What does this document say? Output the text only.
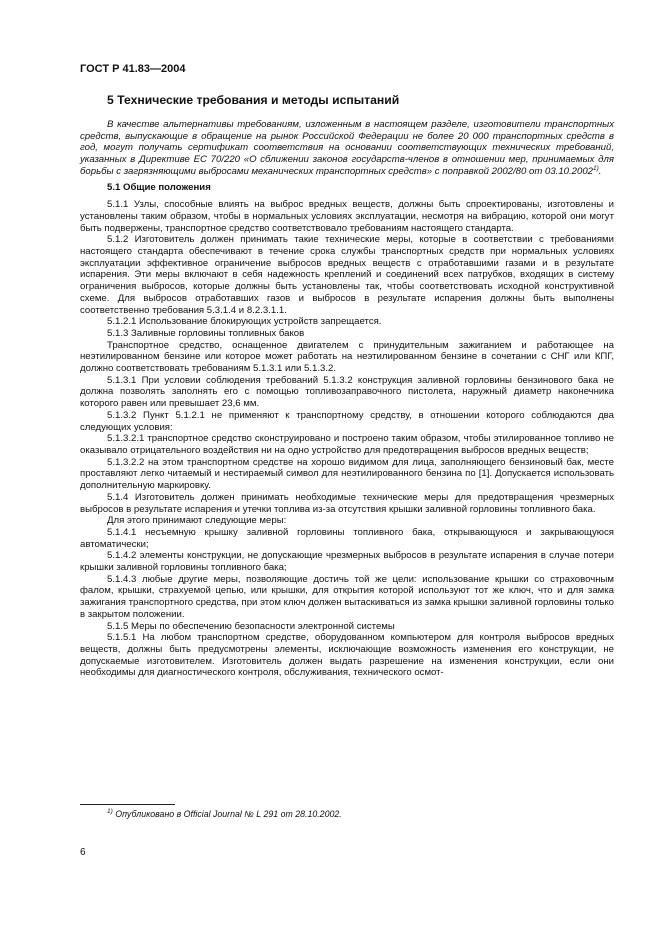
ГОСТ Р 41.83—2004
5 Технические требования и методы испытаний

В качестве альтернативы требованиям, изложенным в настоящем разделе, изготовители транспортных средств, выпускающие в обращение на рынок Российской Федерации не более 20 000 транспортных средств в год, могут получать сертификат соответствия на основании соответствующих технических требований, указанных в Директиве ЕС 70/220 «О сближении законов государств-членов в отношении мер, принимаемых для борьбы с загрязняющими выбросами механических транспортных средств» с поправкой 2002/80 от 03.10.2002$^{1)}$.

5.1 Общие положения

5.1.1 Узлы, способные влиять на выброс вредных веществ, должны быть спроектированы, изготовлены и установлены таким образом, чтобы в нормальных условиях эксплуатации, несмотря на вибрацию, которой они могут быть подвержены, транспортное средство соответствовало требованиям настоящего стандарта.

5.1.2 Изготовитель должен принимать такие технические меры, которые в соответствии с требованиями настоящего стандарта обеспечивают в течение срока службы транспортных средств при нормальных условиях эксплуатации эффективное ограничение выбросов вредных веществ с отработавшими газами и в результате испарения. Эти меры включают в себя надежность креплений и соединений всех патрубков, входящих в систему ограничения выбросов, которые должны быть установлены так, чтобы соответствовать исходной конструктивной схеме. Для выбросов отработавших газов и выбросов в результате испарения должны быть выполнены соответственно требования 5.3.1.4 и 8.2.3.1.1.

5.1.2.1 Использование блокирующих устройств запрещается.

5.1.3 Заливные горловины топливных баков

Транспортное средство, оснащенное двигателем с принудительным зажиганием и работающее на неэтилированном бензине или которое может работать на неэтилированном бензине в сочетании с СНГ или КПГ, должно соответствовать требованиям 5.1.3.1 или 5.1.3.2.

5.1.3.1 При условии соблюдения требований 5.1.3.2 конструкция заливной горловины бензинового бака не должна позволять заполнять его с помощью топливозаправочного пистолета, наружный диаметр наконечника которого равен или превышает 23,6 мм.

5.1.3.2 Пункт 5.1.2.1 не применяют к транспортному средству, в отношении которого соблюдаются два следующих условия:

5.1.3.2.1 транспортное средство сконструировано и построено таким образом, чтобы этилированное топливо не оказывало отрицательного воздействия ни на одно устройство для предотвращения выбросов вредных веществ;

5.1.3.2.2 на этом транспортном средстве на хорошо видимом для лица, заполняющего бензиновый бак, месте проставляют легко читаемый и нестираемый символ для неэтилированного бензина по [1]. Допускается использовать дополнительную маркировку.

5.1.4 Изготовитель должен принимать необходимые технические меры для предотвращения чрезмерных выбросов в результате испарения и утечки топлива из-за отсутствия крышки заливной горловины топливного бака.

Для этого принимают следующие меры:

5.1.4.1 несъемную крышку заливной горловины топливного бака, открывающуюся и закрывающуюся автоматически;

5.1.4.2 элементы конструкции, не допускающие чрезмерных выбросов в результате испарения в случае потери крышки заливной горловины топливного бака;

5.1.4.3 любые другие меры, позволяющие достичь той же цели: использование крышки со страховочным фалом, крышки, страхуемой цепью, или крышки, для открытия которой используют тот же ключ, что и для замка зажигания транспортного средства, при этом ключ должен вытаскиваться из замка крышки заливной горловины только в закрытом положении.

5.1.5 Меры по обеспечению безопасности электронной системы

5.1.5.1 На любом транспортном средстве, оборудованном компьютером для контроля выбросов вредных веществ, должны быть предусмотрены элементы, исключающие возможность изменения его конструкции, не допускаемые изготовителем. Изготовитель должен выдать разрешение на изменения конструкции, если они необходимы для диагностического контроля, обслуживания, технического осмот-

$^{1)}$ Опубликовано в Official Journal № L 291 от 28.10.2002.
6
